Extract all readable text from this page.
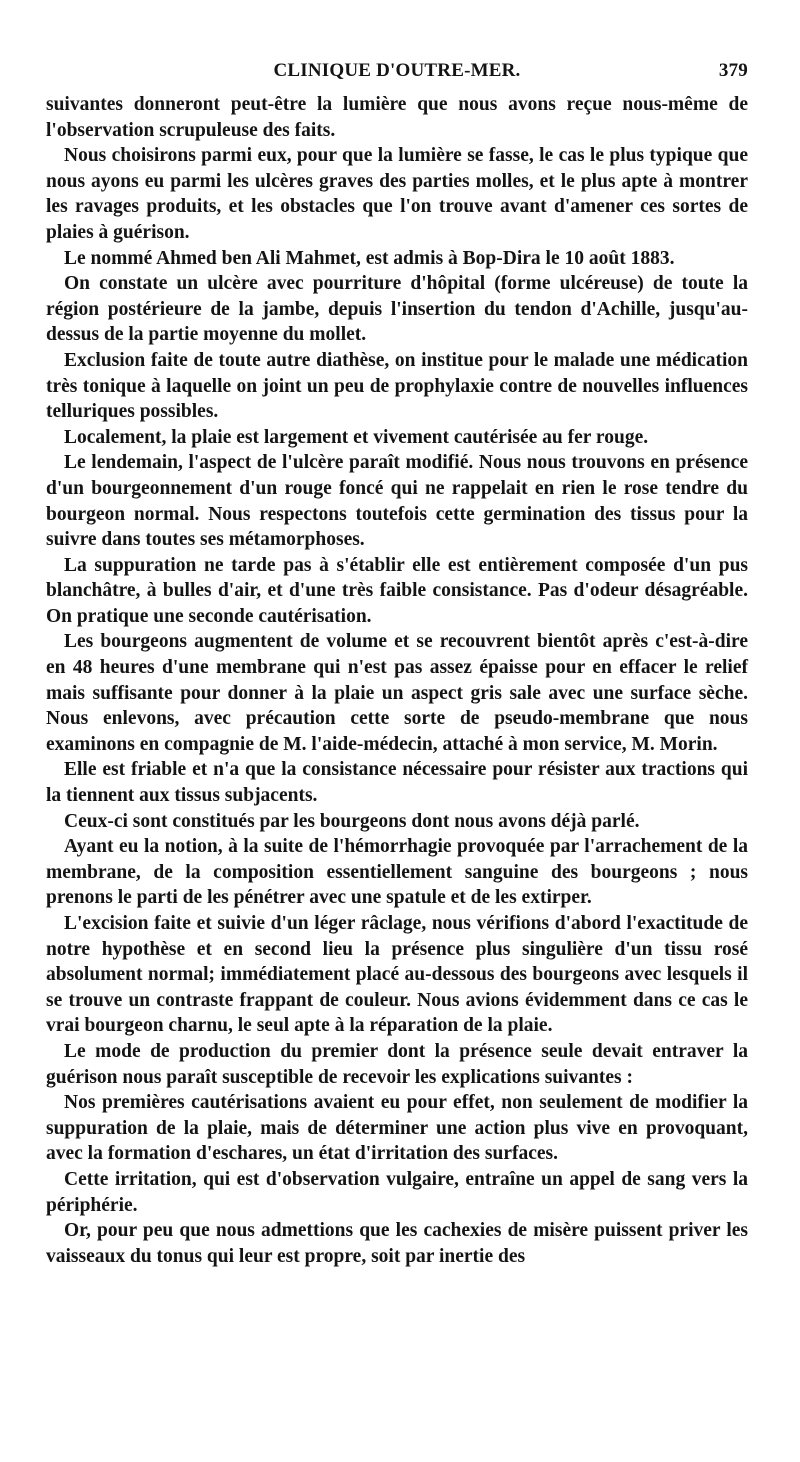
CLINIQUE D'OUTRE-MER.	379

suivantes donneront peut-être la lumière que nous avons reçue nous-même de l'observation scrupuleuse des faits.

Nous choisirons parmi eux, pour que la lumière se fasse, le cas le plus typique que nous ayons eu parmi les ulcères graves des parties molles, et le plus apte à montrer les ravages produits, et les obstacles que l'on trouve avant d'amener ces sortes de plaies à guérison.

Le nommé Ahmed ben Ali Mahmet, est admis à Bop-Dira le 10 août 1883.

On constate un ulcère avec pourriture d'hôpital (forme ulcéreuse) de toute la région postérieure de la jambe, depuis l'insertion du tendon d'Achille, jusqu'au-dessus de la partie moyenne du mollet.

Exclusion faite de toute autre diathèse, on institue pour le malade une médication très tonique à laquelle on joint un peu de prophylaxie contre de nouvelles influences telluriques possibles.

Localement, la plaie est largement et vivement cautérisée au fer rouge.

Le lendemain, l'aspect de l'ulcère paraît modifié. Nous nous trouvons en présence d'un bourgeonnement d'un rouge foncé qui ne rappelait en rien le rose tendre du bourgeon normal. Nous respectons toutefois cette germination des tissus pour la suivre dans toutes ses métamorphoses.

La suppuration ne tarde pas à s'établir elle est entièrement composée d'un pus blanchâtre, à bulles d'air, et d'une très faible consistance. Pas d'odeur désagréable. On pratique une seconde cautérisation.

Les bourgeons augmentent de volume et se recouvrent bientôt après c'est-à-dire en 48 heures d'une membrane qui n'est pas assez épaisse pour en effacer le relief mais suffisante pour donner à la plaie un aspect gris sale avec une surface sèche. Nous enlevons, avec précaution cette sorte de pseudo-membrane que nous examinons en compagnie de M. l'aide-médecin, attaché à mon service, M. Morin.

Elle est friable et n'a que la consistance nécessaire pour résister aux tractions qui la tiennent aux tissus subjacents.

Ceux-ci sont constitués par les bourgeons dont nous avons déjà parlé.

Ayant eu la notion, à la suite de l'hémorrhagie provoquée par l'arrachement de la membrane, de la composition essentiellement sanguine des bourgeons ; nous prenons le parti de les pénétrer avec une spatule et de les extirper.

L'excision faite et suivie d'un léger râclage, nous vérifions d'abord l'exactitude de notre hypothèse et en second lieu la présence plus singulière d'un tissu rosé absolument normal; immédiatement placé au-dessous des bourgeons avec lesquels il se trouve un contraste frappant de couleur. Nous avions évidemment dans ce cas le vrai bourgeon charnu, le seul apte à la réparation de la plaie.

Le mode de production du premier dont la présence seule devait entraver la guérison nous paraît susceptible de recevoir les explications suivantes :

Nos premières cautérisations avaient eu pour effet, non seulement de modifier la suppuration de la plaie, mais de déterminer une action plus vive en provoquant, avec la formation d'eschares, un état d'irritation des surfaces.

Cette irritation, qui est d'observation vulgaire, entraîne un appel de sang vers la périphérie.

Or, pour peu que nous admettions que les cachexies de misère puissent priver les vaisseaux du tonus qui leur est propre, soit par inertie des
